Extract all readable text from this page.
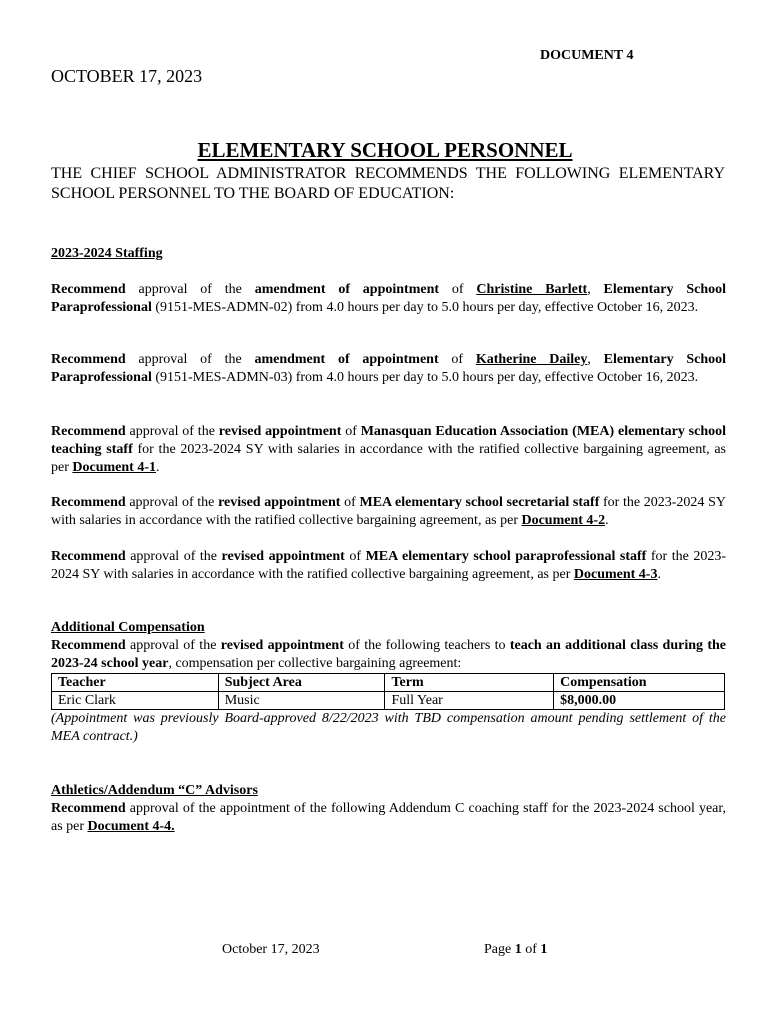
DOCUMENT 4
OCTOBER 17, 2023
ELEMENTARY SCHOOL PERSONNEL
THE CHIEF SCHOOL ADMINISTRATOR RECOMMENDS THE FOLLOWING ELEMENTARY SCHOOL PERSONNEL TO THE BOARD OF EDUCATION:

2023-2024 Staffing

Recommend approval of the amendment of appointment of Christine Barlett, Elementary School Paraprofessional (9151-MES-ADMN-02) from 4.0 hours per day to 5.0 hours per day, effective October 16, 2023.

Recommend approval of the amendment of appointment of Katherine Dailey, Elementary School Paraprofessional (9151-MES-ADMN-03) from 4.0 hours per day to 5.0 hours per day, effective October 16, 2023.

Recommend approval of the revised appointment of Manasquan Education Association (MEA) elementary school teaching staff for the 2023-2024 SY with salaries in accordance with the ratified collective bargaining agreement, as per Document 4-1.

Recommend approval of the revised appointment of MEA elementary school secretarial staff for the 2023-2024 SY with salaries in accordance with the ratified collective bargaining agreement, as per Document 4-2.

Recommend approval of the revised appointment of MEA elementary school paraprofessional staff for the 2023-2024 SY with salaries in accordance with the ratified collective bargaining agreement, as per Document 4-3.

Additional Compensation

Recommend approval of the revised appointment of the following teachers to teach an additional class during the 2023-24 school year, compensation per collective bargaining agreement:

Teacher	Subject Area	Term	Compensation
Eric Clark	Music	Full Year	$8,000.00

(Appointment was previously Board-approved 8/22/2023 with TBD compensation amount pending settlement of the MEA contract.)

Athletics/Addendum “C” Advisors

Recommend approval of the appointment of the following Addendum C coaching staff for the 2023-2024 school year, as per Document 4-4.

October 17, 2023	Page 1 of 1
